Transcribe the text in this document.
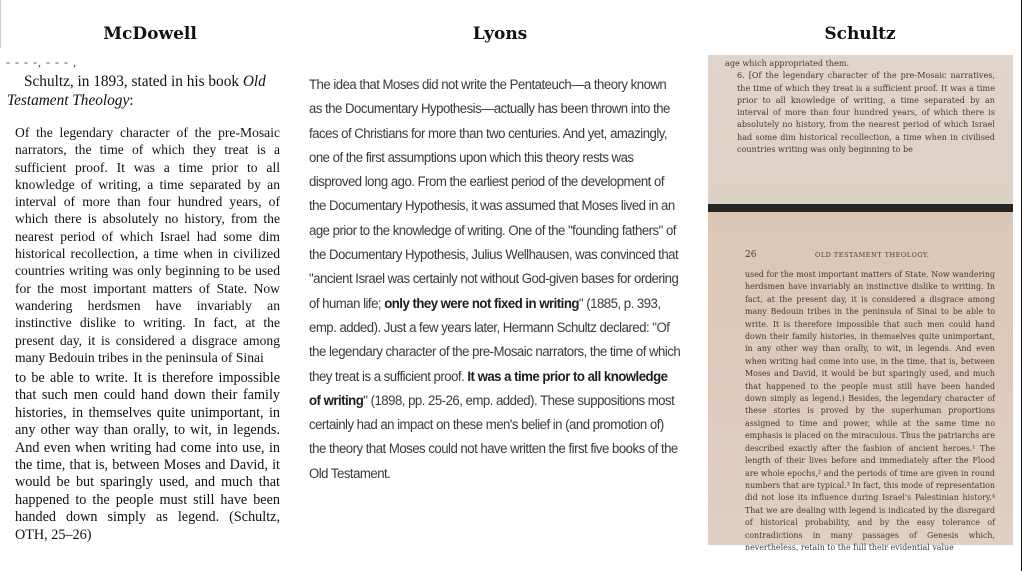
McDowell	Lyons	Schultz
- - - -, - - - ,
Schultz, in 1893, stated in his book Old Testament Theology:
Of the legendary character of the pre-Mosaic narrators, the time of which they treat is a sufficient proof. It was a time prior to all knowledge of writing, a time separated by an interval of more than four hundred years, of which there is absolutely no history, from the nearest period of which Israel had some dim historical recollection, a time when in civilized countries writing was only beginning to be used for the most important matters of State. Now wandering herdsmen have invariably an instinctive dislike to writing. In fact, at the present day, it is considered a disgrace among many Bedouin tribes in the peninsula of Sinai
to be able to write. It is therefore impossible that such men could hand down their family histories, in themselves quite unimportant, in any other way than orally, to wit, in legends. And even when writing had come into use, in the time, that is, between Moses and David, it would be but sparingly used, and much that happened to the people must still have been handed down simply as legend. (Schultz, OTH, 25–26)
The idea that Moses did not write the Pentateuch—a theory known as the Documentary Hypothesis—actually has been thrown into the faces of Christians for more than two centuries. And yet, amazingly, one of the first assumptions upon which this theory rests was disproved long ago. From the earliest period of the development of the Documentary Hypothesis, it was assumed that Moses lived in an age prior to the knowledge of writing. One of the "founding fathers" of the Documentary Hypothesis, Julius Wellhausen, was convinced that "ancient Israel was certainly not without God-given bases for ordering of human life; only they were not fixed in writing" (1885, p. 393, emp. added). Just a few years later, Hermann Schultz declared: "Of the legendary character of the pre-Mosaic narrators, the time of which they treat is a sufficient proof. It was a time prior to all knowledge of writing" (1898, pp. 25-26, emp. added). These suppositions most certainly had an impact on these men's belief in (and promotion of) the theory that Moses could not have written the first five books of the Old Testament.
age which appropriated them.
6. [Of the legendary character of the pre-Mosaic narratives, the time of which they treat is a sufficient proof. It was a time prior to all knowledge of writing, a time separated by an interval of more than four hundred years, of which there is absolutely no history, from the nearest period of which Israel had some dim historical recollection, a time when in civilised countries writing was only beginning to be
26	OLD TESTAMENT THEOLOGY.
used for the most important matters of State. Now wandering herdsmen have invariably an instinctive dislike to writing. In fact, at the present day, it is considered a disgrace among many Bedouin tribes in the peninsula of Sinai to be able to write. It is therefore impossible that such men could hand down their family histories, in themselves quite unimportant, in any other way than orally, to wit, in legends. And even when writing had come into use, in the time, that is, between Moses and David, it would be but sparingly used, and much that happened to the people must still have been handed down simply as legend.) Besides, the legendary character of these stories is proved by the superhuman proportions assigned to time and power, while at the same time no emphasis is placed on the miraculous. Thus the patriarchs are described exactly after the fashion of ancient heroes.¹ The length of their lives before and immediately after the Flood are whole epochs,² and the periods of time are given in round numbers that are typical.³ In fact, this mode of representation did not lose its influence during Israel's Palestinian history.⁴ That we are dealing with legend is indicated by the disregard of historical probability, and by the easy tolerance of contradictions in many passages of Genesis which, nevertheless, retain to the full their evidential value
